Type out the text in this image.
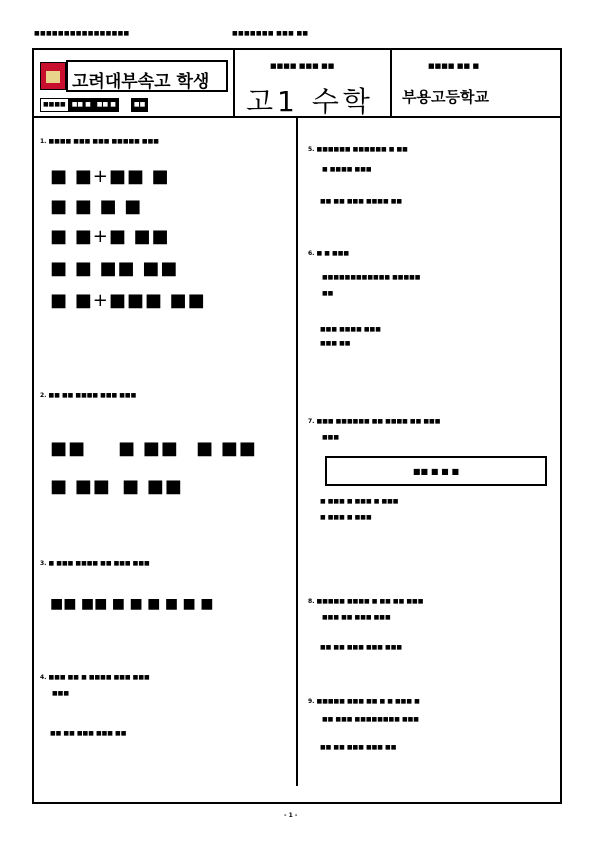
■■■■■■■■■■■■■■■■	■■■■■■■ ■■■ ■■
고려대부속고 학생
■■■■	■■ ■	■■ ■	■■
■■■■ ■■■ ■■
고1 수학
■■■■ ■■ ■
부용고등학교
1. ■■■■ ■■■ ■■■ ■■■■■ ■■■
■ ■+■■ ■
■ ■ ■ ■
■ ■+■ ■■
■ ■ ■■ ■■
■ ■+■■■ ■■
2. ■■ ■■ ■■■■ ■■■ ■■■
■■ ■ ■■ ■ ■■
■ ■■ ■ ■■
3. ■ ■■■ ■■■■ ■■ ■■■ ■■■
■■ ■■ ■ ■ ■ ■ ■ ■
4. ■■■ ■■ ■ ■■■■ ■■■ ■■■
■■■
■■ ■■ ■■■ ■■■ ■■
5. ■■■■■■ ■■■■■■ ■ ■■
■ ■■■■ ■■■
■■ ■■ ■■■ ■■■■ ■■
6. ■ ■ ■■■
■■■■■■■■■■■■ ■■■■■
■■
■■■ ■■■■ ■■■
■■■ ■■
7. ■■■ ■■■■■■ ■■ ■■■■ ■■ ■■■
■■■
■■ ■ ■ ■
■ ■■■ ■ ■■■ ■ ■■■
■ ■■■ ■ ■■■
8. ■■■■■ ■■■■ ■ ■■ ■■ ■■■
■■■ ■■ ■■■ ■■■
■■ ■■ ■■■ ■■■ ■■■
9. ■■■■■ ■■■ ■■ ■ ■ ■■■ ■
■■ ■■■ ■■■■■■■■ ■■■
■■ ■■ ■■■ ■■■ ■■
- 1 -
